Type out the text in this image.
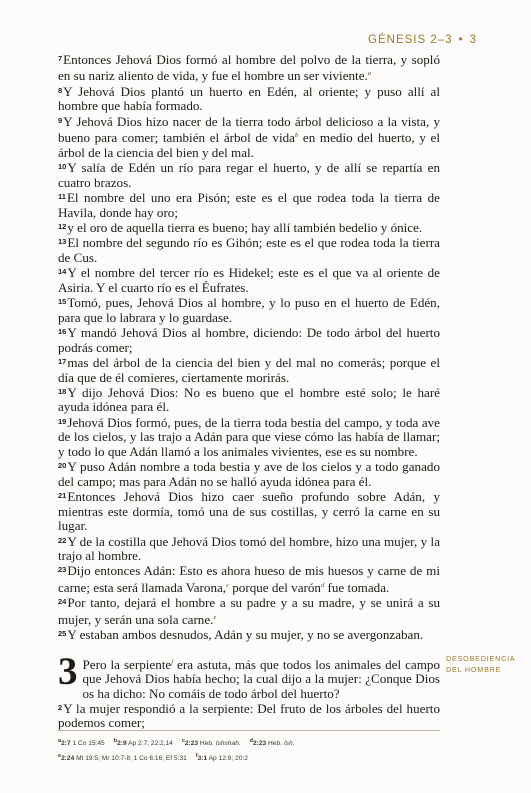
GÉNESIS 2–3 • 3

$^7$Entonces Jehová Dios formó al hombre del polvo de la tierra, y sopló en su nariz aliento de vida, y fue el hombre un ser viviente.$^a$

$^8$Y Jehová Dios plantó un huerto en Edén, al oriente; y puso allí al hombre que había formado.

$^9$Y Jehová Dios hizo nacer de la tierra todo árbol delicioso a la vista, y bueno para comer; también el árbol de vida$^b$ en medio del huerto, y el árbol de la ciencia del bien y del mal.

$^{10}$Y salía de Edén un río para regar el huerto, y de allí se repartía en cuatro brazos.

$^{11}$El nombre del uno era Pisón; este es el que rodea toda la tierra de Havila, donde hay oro;

$^{12}$y el oro de aquella tierra es bueno; hay allí también bedelio y ónice.

$^{13}$El nombre del segundo río es Gihón; este es el que rodea toda la tierra de Cus.

$^{14}$Y el nombre del tercer río es Hidekel; este es el que va al oriente de Asiria. Y el cuarto río es el Éufrates.

$^{15}$Tomó, pues, Jehová Dios al hombre, y lo puso en el huerto de Edén, para que lo labrara y lo guardase.

$^{16}$Y mandó Jehová Dios al hombre, diciendo: De todo árbol del huerto podrás comer;

$^{17}$mas del árbol de la ciencia del bien y del mal no comerás; porque el día que de él comieres, ciertamente morirás.

$^{18}$Y dijo Jehová Dios: No es bueno que el hombre esté solo; le haré ayuda idónea para él.

$^{19}$Jehová Dios formó, pues, de la tierra toda bestia del campo, y toda ave de los cielos, y las trajo a Adán para que viese cómo las había de llamar; y todo lo que Adán llamó a los animales vivientes, ese es su nombre.

$^{20}$Y puso Adán nombre a toda bestia y ave de los cielos y a todo ganado del campo; mas para Adán no se halló ayuda idónea para él.

$^{21}$Entonces Jehová Dios hizo caer sueño profundo sobre Adán, y mientras este dormía, tomó una de sus costillas, y cerró la carne en su lugar.

$^{22}$Y de la costilla que Jehová Dios tomó del hombre, hizo una mujer, y la trajo al hombre.

$^{23}$Dijo entonces Adán: Esto es ahora hueso de mis huesos y carne de mi carne; esta será llamada Varona,$^c$ porque del varón$^d$ fue tomada.

$^{24}$Por tanto, dejará el hombre a su padre y a su madre, y se unirá a su mujer, y serán una sola carne.$^e$

$^{25}$Y estaban ambos desnudos, Adán y su mujer, y no se avergonzaban.

3 Pero la serpiente$^f$ era astuta, más que todos los animales del campo que Jehová Dios había hecho; la cual dijo a la mujer: ¿Conque Dios os ha dicho: No comáis de todo árbol del huerto?

$^2$Y la mujer respondió a la serpiente: Del fruto de los árboles del huerto podemos comer;

DESOBEDIENCIA
DEL HOMBRE
$^a$2:7 1 Co 15:45 $^b$2:9 Ap 2:7; 22:2,14 $^c$2:23 Heb. Ishshah. $^d$2:23 Heb. Ish.
$^e$2:24 Mt 19:5; Mr 10:7-8; 1 Co 6:16; Ef 5:31 $^f$3:1 Ap 12:9; 20:2
